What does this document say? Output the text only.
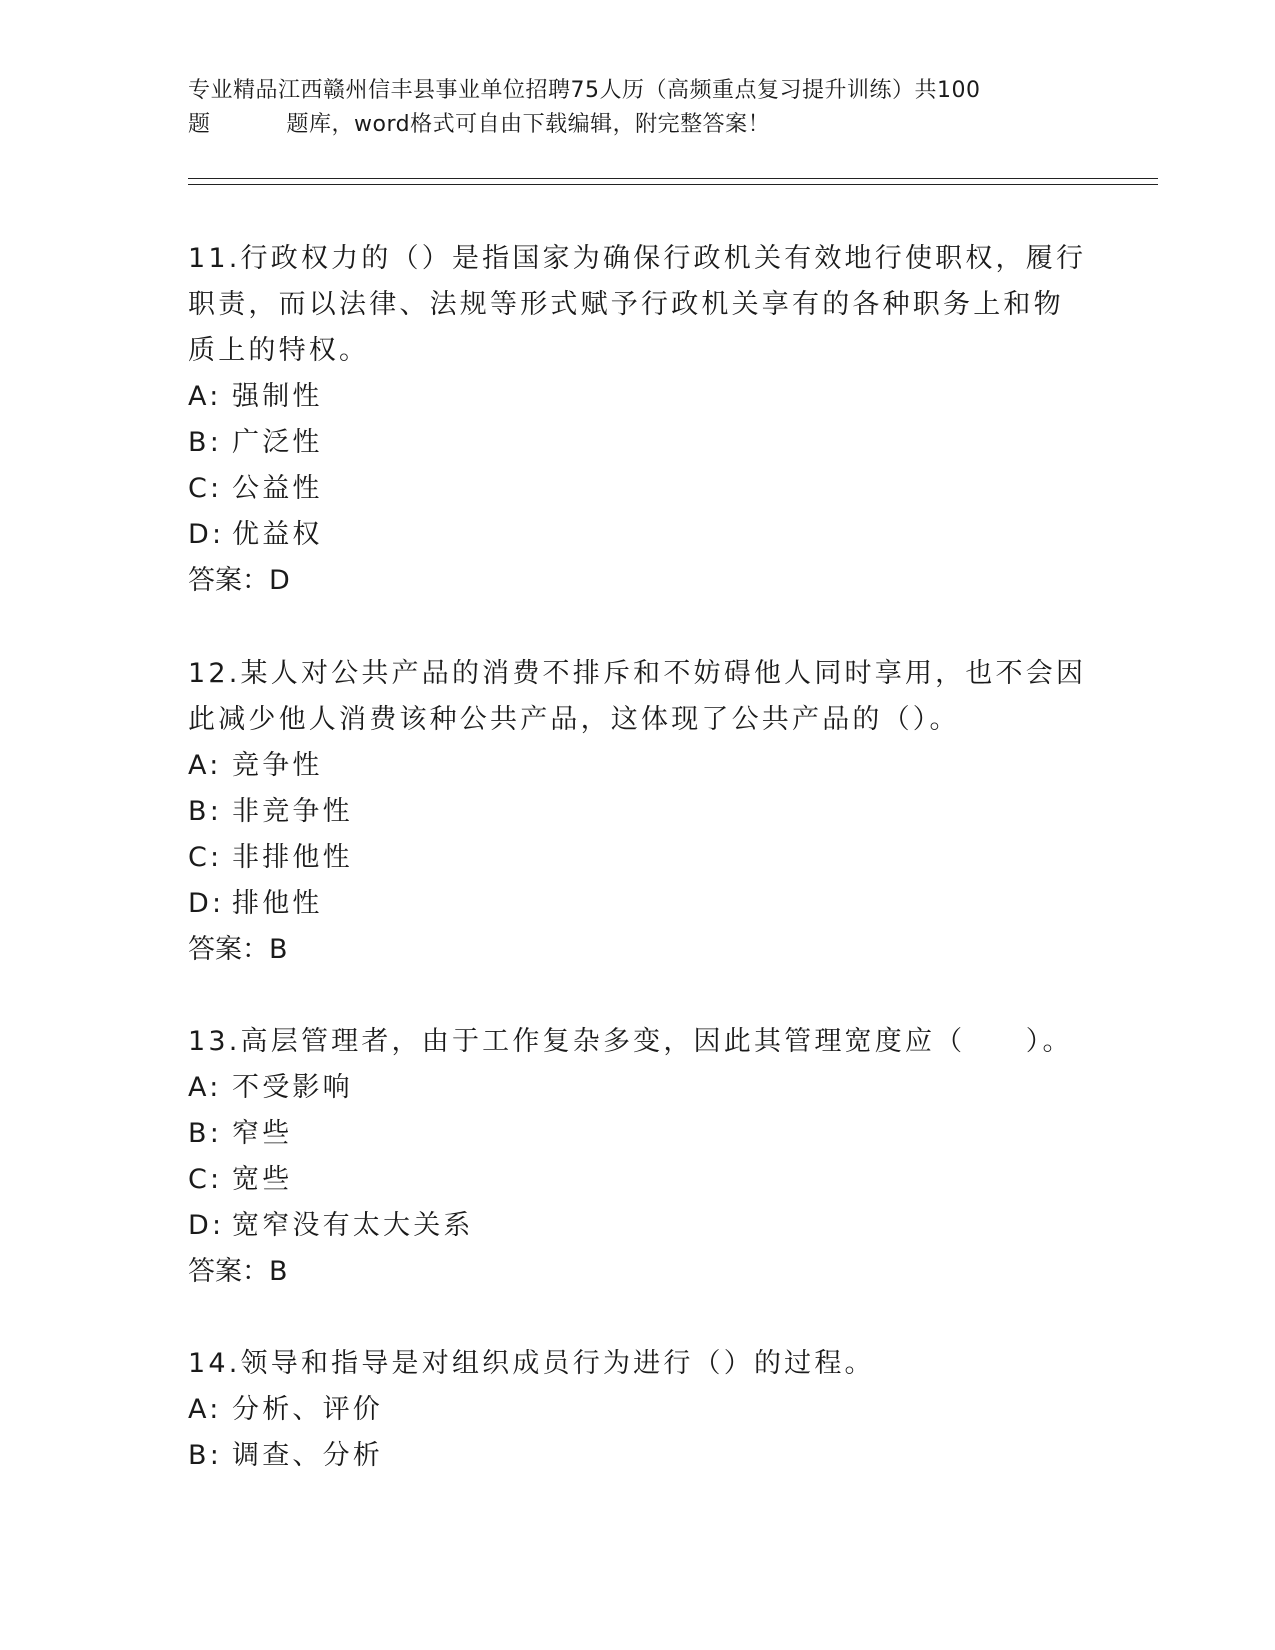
专业精品江西赣州信丰县事业单位招聘75人历（高频重点复习提升训练）共100
题	题库，word格式可自由下载编辑，附完整答案！

11.行政权力的（）是指国家为确保行政机关有效地行使职权，履行职责，而以法律、法规等形式赋予行政机关享有的各种职务上和物质上的特权。

A: 强制性
B: 广泛性
C: 公益性
D: 优益权

答案：D

12.某人对公共产品的消费不排斥和不妨碍他人同时享用，也不会因此减少他人消费该种公共产品，这体现了公共产品的（）。

A: 竞争性
B: 非竞争性
C: 非排他性
D: 排他性

答案：B

13.高层管理者，由于工作复杂多变，因此其管理宽度应（　　）。

A: 不受影响
B: 窄些
C: 宽些
D: 宽窄没有太大关系

答案：B

14.领导和指导是对组织成员行为进行（）的过程。

A: 分析、评价
B: 调查、分析
